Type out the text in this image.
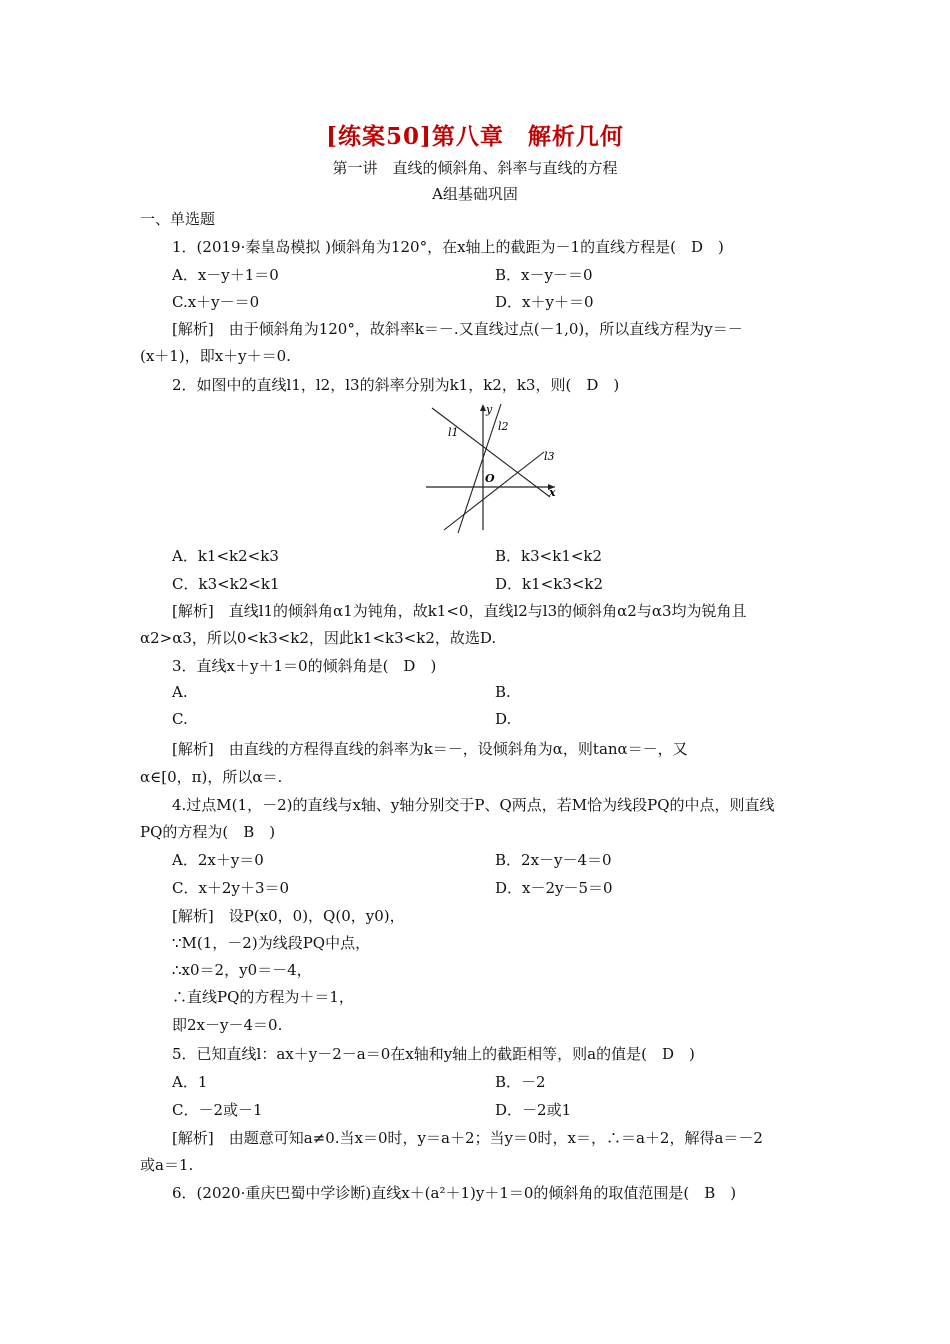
[练案50]第八章　解析几何
第一讲　直线的倾斜角、斜率与直线的方程
A组基础巩固
一、单选题
1．(2019·秦皇岛模拟 )倾斜角为120°，在x轴上的截距为－1的直线方程是(　D　)
A．x－y＋1＝0	B．x－y－＝0
C.x＋y－＝0	D．x＋y＋＝0
[解析]　由于倾斜角为120°，故斜率k＝－.又直线过点(－1,0)，所以直线方程为y＝－
(x＋1)，即x＋y＋＝0.
2．如图中的直线l1，l2，l3的斜率分别为k1，k2，k3，则(　D　)
y
l1	l2
l3
O
x
A．k1<k2<k3	B．k3<k1<k2
C．k3<k2<k1	D．k1<k3<k2
[解析]　直线l1的倾斜角α1为钝角，故k1<0，直线l2与l3的倾斜角α2与α3均为锐角且
α2>α3，所以0<k3<k2，因此k1<k3<k2，故选D.
3．直线x＋y＋1＝0的倾斜角是(　D　)
A.	B.
C.	D.
[解析]　由直线的方程得直线的斜率为k＝－，设倾斜角为α，则tanα＝－，又
α∈[0，π)，所以α＝.
4.过点M(1，－2)的直线与x轴、y轴分别交于P、Q两点，若M恰为线段PQ的中点，则直线
PQ的方程为(　B　)
A．2x＋y＝0	B．2x－y－4＝0
C．x＋2y＋3＝0	D．x－2y－5＝0
[解析]　设P(x0，0)，Q(0，y0)，
∵M(1，－2)为线段PQ中点，
∴x0＝2，y0＝－4，
∴直线PQ的方程为＋＝1，
即2x－y－4＝0.
5．已知直线l：ax＋y－2－a＝0在x轴和y轴上的截距相等，则a的值是(　D　)
A．1	B．－2
C．－2或－1	D．－2或1
[解析]　由题意可知a≠0.当x＝0时，y＝a＋2；当y＝0时，x＝，∴＝a＋2，解得a＝－2
或a＝1.
6．(2020·重庆巴蜀中学诊断)直线x＋(a²＋1)y＋1＝0的倾斜角的取值范围是(　B　)
